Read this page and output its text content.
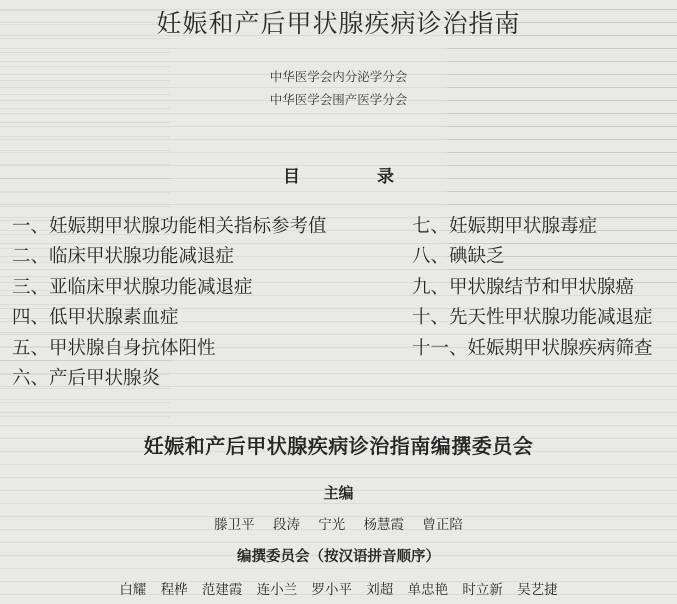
妊娠和产后甲状腺疾病诊治指南
中华医学会内分泌学分会
中华医学会围产医学分会
目　录
一、妊娠期甲状腺功能相关指标参考值
二、临床甲状腺功能减退症
三、亚临床甲状腺功能减退症
四、低甲状腺素血症
五、甲状腺自身抗体阳性
六、产后甲状腺炎
七、妊娠期甲状腺毒症
八、碘缺乏
九、甲状腺结节和甲状腺癌
十、先天性甲状腺功能减退症
十一、妊娠期甲状腺疾病筛查
妊娠和产后甲状腺疾病诊治指南编撰委员会
主编
滕卫平 段涛 宁光 杨慧霞 曾正陪
编撰委员会（按汉语拼音顺序）
白耀 程桦 范建霞 连小兰 罗小平 刘超 单忠艳 时立新 吴艺捷
